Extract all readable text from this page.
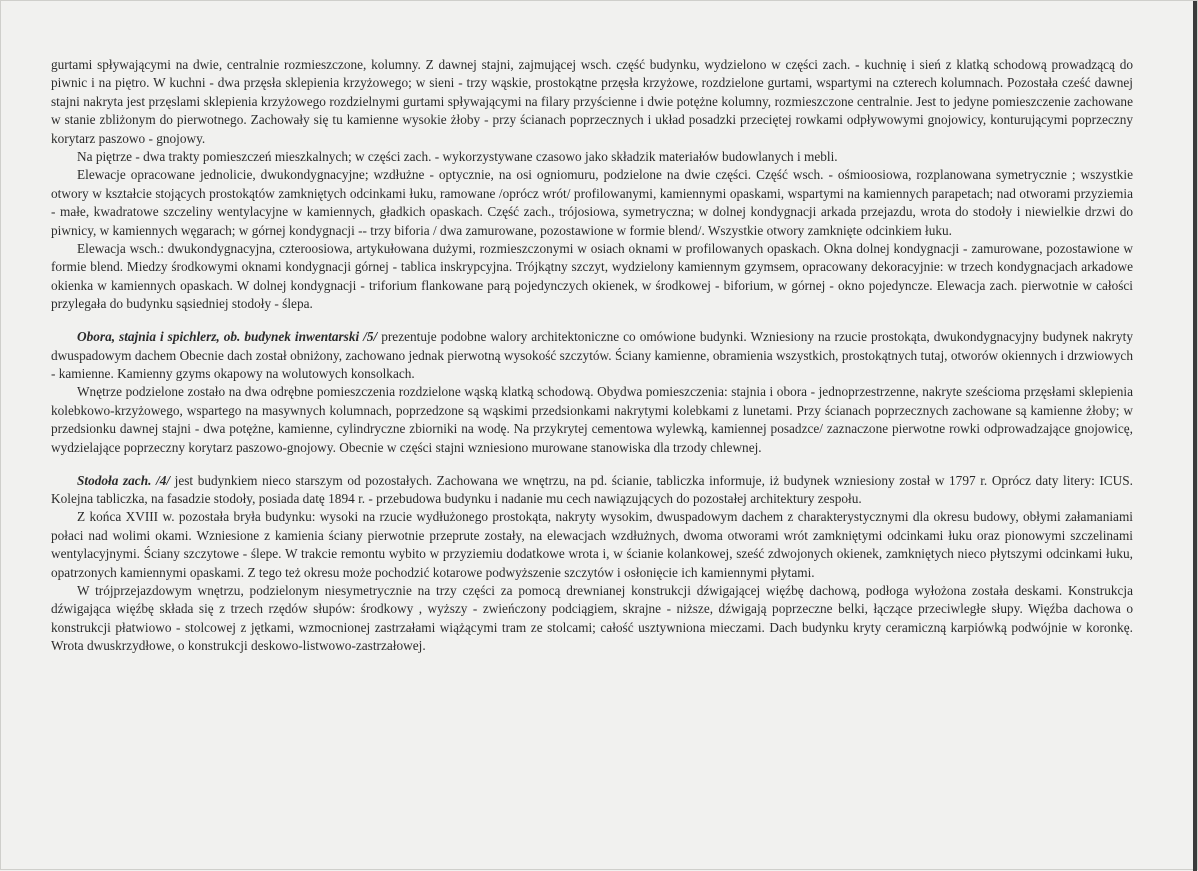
gurtami spływającymi na dwie, centralnie rozmieszczone, kolumny. Z dawnej stajni, zajmującej wsch. część budynku, wydzielono w części zach. - kuchnię i sień z klatką schodową prowadzącą do piwnic i na piętro. W kuchni - dwa przęsła sklepienia krzyżowego; w sieni - trzy wąskie, prostokątne przęsła krzyżowe, rozdzielone gurtami, wspartymi na czterech kolumnach. Pozostała cześć dawnej stajni nakryta jest przęslami sklepienia krzyżowego rozdzielnymi gurtami spływającymi na filary przyścienne i dwie potężne kolumny, rozmieszczone centralnie. Jest to jedyne pomieszczenie zachowane w stanie zbliżonym do pierwotnego. Zachowały się tu kamienne wysokie żłoby - przy ścianach poprzecznych i układ posadzki przeciętej rowkami odpływowymi gnojowicy, konturującymi poprzeczny korytarz paszowo - gnojowy.

Na piętrze - dwa trakty pomieszczeń mieszkalnych; w części zach. - wykorzystywane czasowo jako składzik materiałów budowlanych i mebli.

Elewacje opracowane jednolicie, dwukondygnacyjne; wzdłużne - optycznie, na osi ogniomuru, podzielone na dwie części. Część wsch. - ośmioosiowa, rozplanowana symetrycznie ; wszystkie otwory w kształcie stojących prostokątów zamkniętych odcinkami łuku, ramowane /oprócz wrót/ profilowanymi, kamiennymi opaskami, wspartymi na kamiennych parapetach; nad otworami przyziemia - małe, kwadratowe szczeliny wentylacyjne w kamiennych, gładkich opaskach. Część zach., trójosiowa, symetryczna; w dolnej kondygnacji arkada przejazdu, wrota do stodoły i niewielkie drzwi do piwnicy, w kamiennych węgarach; w górnej kondygnacji -- trzy biforia / dwa zamurowane, pozostawione w formie blend/. Wszystkie otwory zamknięte odcinkiem łuku.

Elewacja wsch.: dwukondygnacyjna, czteroosiowa, artykułowana dużymi, rozmieszczonymi w osiach oknami w profilowanych opaskach. Okna dolnej kondygnacji - zamurowane, pozostawione w formie blend. Miedzy środkowymi oknami kondygnacji górnej - tablica inskrypcyjna. Trójkątny szczyt, wydzielony kamiennym gzymsem, opracowany dekoracyjnie: w trzech kondygnacjach arkadowe okienka w kamiennych opaskach. W dolnej kondygnacji - triforium flankowane parą pojedynczych okienek, w środkowej - biforium, w górnej - okno pojedyncze. Elewacja zach. pierwotnie w całości przylegała do budynku sąsiedniej stodoły - ślepa.

Obora, stajnia i spichlerz, ob. budynek inwentarski /5/ prezentuje podobne walory architektoniczne co omówione budynki. Wzniesiony na rzucie prostokąta, dwukondygnacyjny budynek nakryty dwuspadowym dachem Obecnie dach został obniżony, zachowano jednak pierwotną wysokość szczytów. Ściany kamienne, obramienia wszystkich, prostokątnych tutaj, otworów okiennych i drzwiowych - kamienne. Kamienny gzyms okapowy na wolutowych konsolkach.

Wnętrze podzielone zostało na dwa odrębne pomieszczenia rozdzielone wąską klatką schodową. Obydwa pomieszczenia: stajnia i obora - jednoprzestrzenne, nakryte sześcioma przęsłami sklepienia kolebkowo-krzyżowego, wspartego na masywnych kolumnach, poprzedzone są wąskimi przedsionkami nakrytymi kolebkami z lunetami. Przy ścianach poprzecznych zachowane są kamienne żłoby; w przedsionku dawnej stajni - dwa potężne, kamienne, cylindryczne zbiorniki na wodę. Na przykrytej cementowa wylewką, kamiennej posadzce/ zaznaczone pierwotne rowki odprowadzające gnojowicę, wydzielające poprzeczny korytarz paszowo-gnojowy. Obecnie w części stajni wzniesiono murowane stanowiska dla trzody chlewnej.

Stodoła zach. /4/ jest budynkiem nieco starszym od pozostałych. Zachowana we wnętrzu, na pd. ścianie, tabliczka informuje, iż budynek wzniesiony został w 1797 r. Oprócz daty litery: ICUS. Kolejna tabliczka, na fasadzie stodoły, posiada datę 1894 r. - przebudowa budynku i nadanie mu cech nawiązujących do pozostałej architektury zespołu.

Z końca XVIII w. pozostała bryła budynku: wysoki na rzucie wydłużonego prostokąta, nakryty wysokim, dwuspadowym dachem z charakterystycznymi dla okresu budowy, obłymi załamaniami połaci nad wolimi okami. Wzniesione z kamienia ściany pierwotnie przeprute zostały, na elewacjach wzdłużnych, dwoma otworami wrót zamkniętymi odcinkami łuku oraz pionowymi szczelinami wentylacyjnymi. Ściany szczytowe - ślepe. W trakcie remontu wybito w przyziemiu dodatkowe wrota i, w ścianie kolankowej, sześć zdwojonych okienek, zamkniętych nieco płytszymi odcinkami łuku, opatrzonych kamiennymi opaskami. Z tego też okresu może pochodzić kotarowe podwyższenie szczytów i osłonięcie ich kamiennymi płytami.

W trójprzejazdowym wnętrzu, podzielonym niesymetrycznie na trzy części za pomocą drewnianej konstrukcji dźwigającej więźbę dachową, podłoga wyłożona została deskami. Konstrukcja dźwigająca więźbę składa się z trzech rzędów słupów: środkowy , wyższy - zwieńczony podciągiem, skrajne - niższe, dźwigają poprzeczne belki, łączące przeciwległe słupy. Więźba dachowa o konstrukcji płatwiowo - stolcowej z jętkami, wzmocnionej zastrzałami wiążącymi tram ze stolcami; całość usztywniona mieczami. Dach budynku kryty ceramiczną karpiówką podwójnie w koronkę. Wrota dwuskrzydłowe, o konstrukcji deskowo-listwowo-zastrzałowej.
